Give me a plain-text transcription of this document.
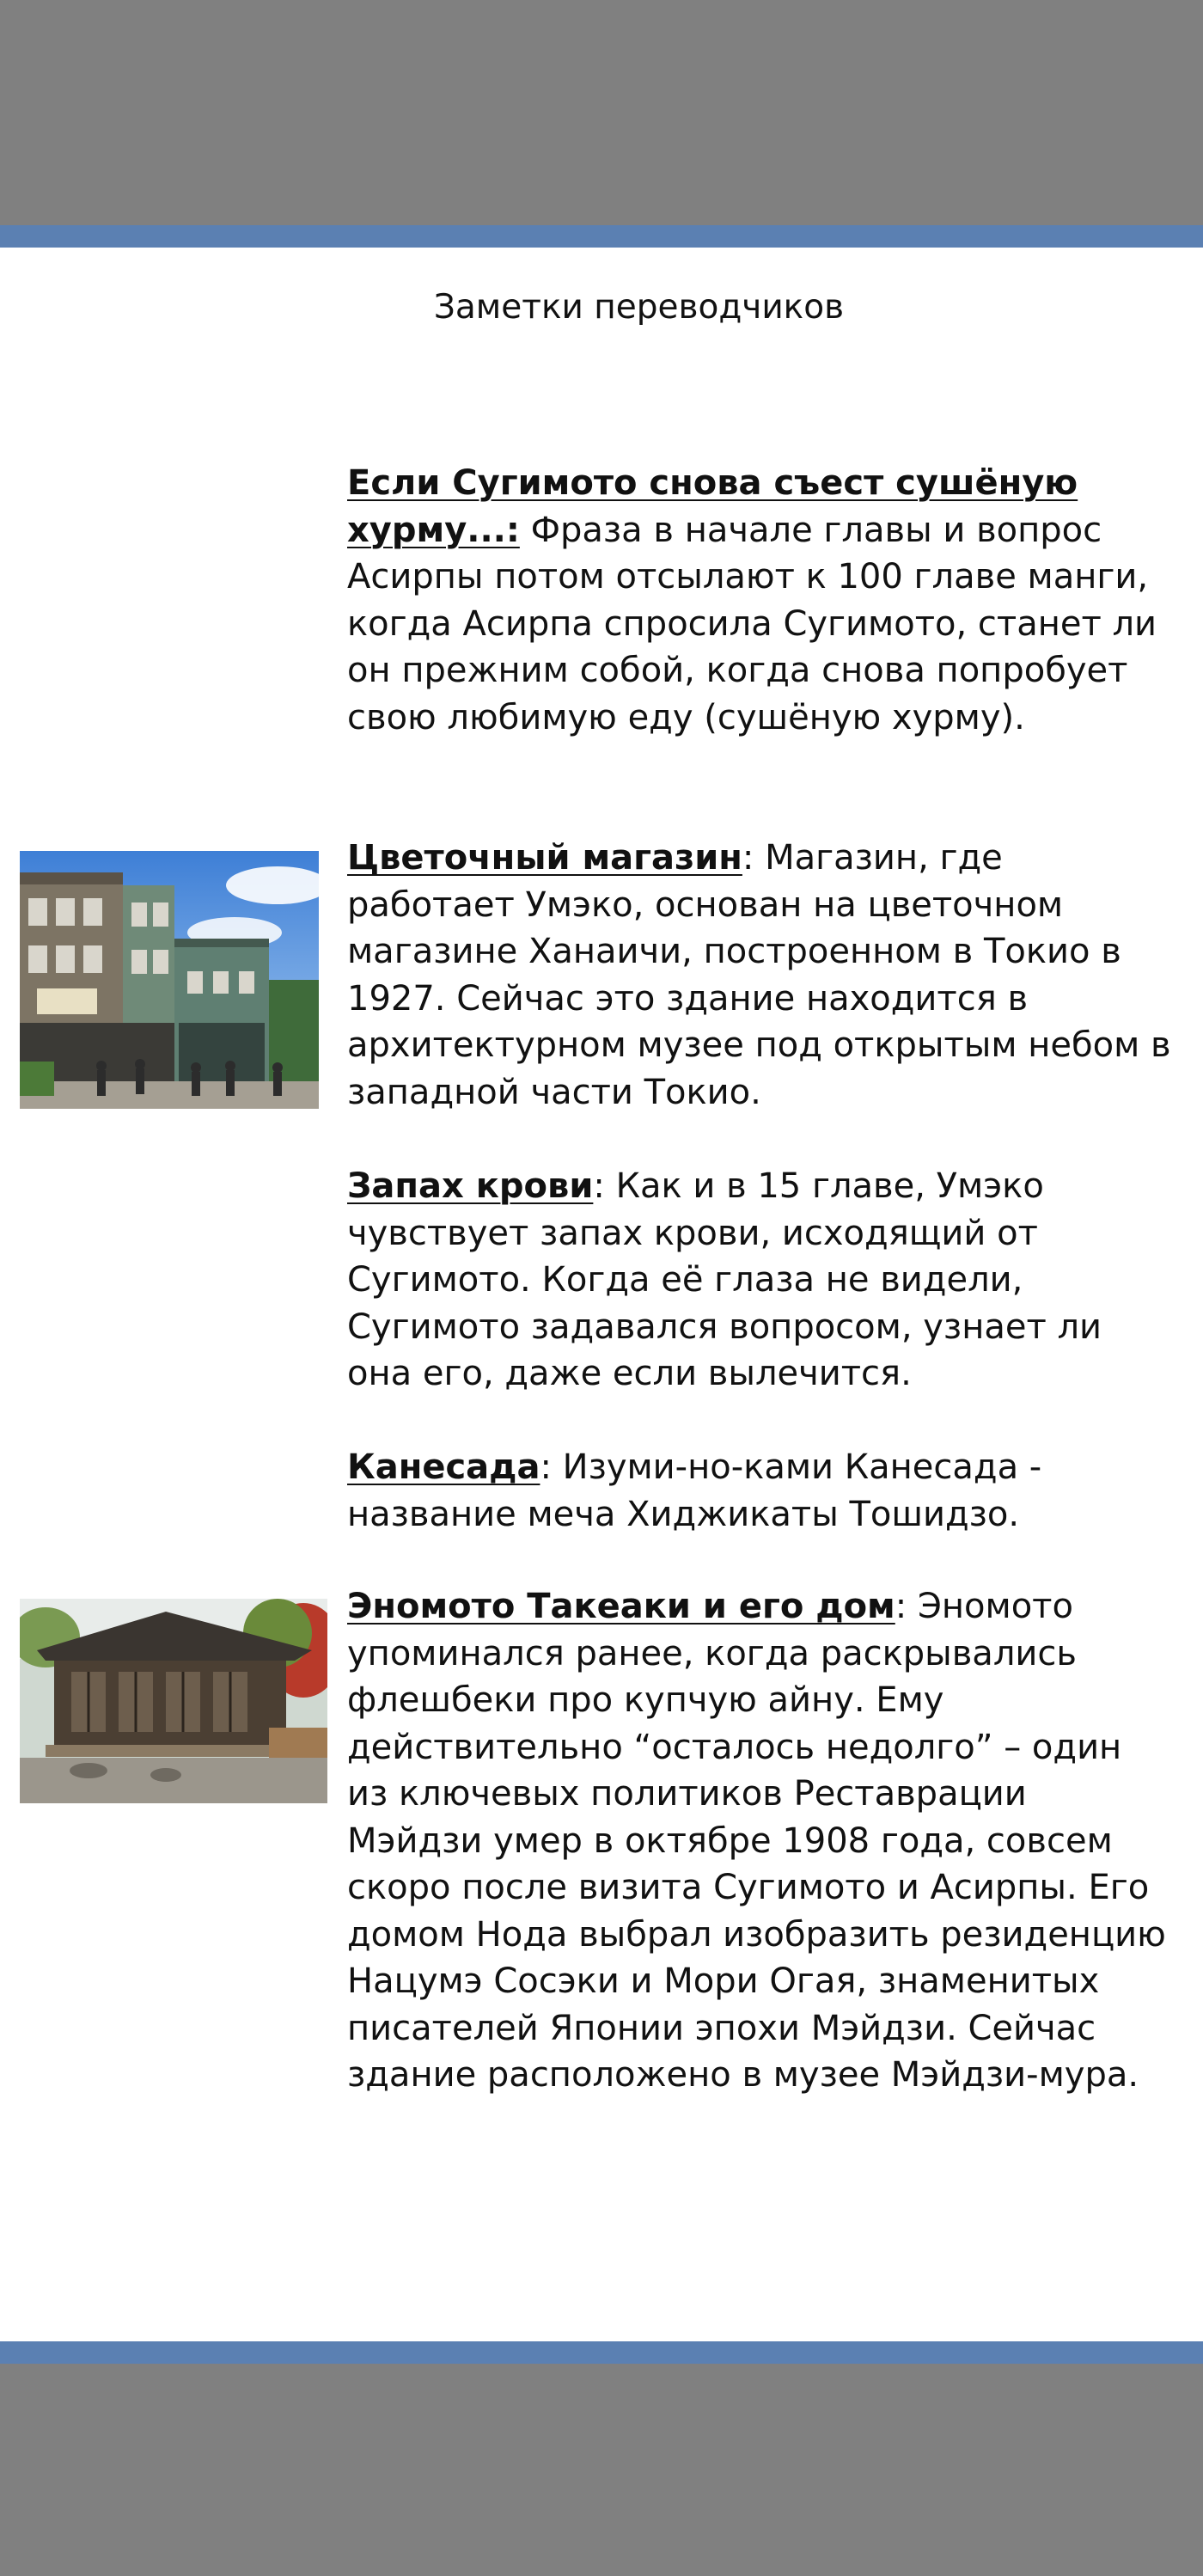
Заметки переводчиков
Если Сугимото снова съест сушёную хурму...: Фраза в начале главы и вопрос Асирпы потом отсылают к 100 главе манги, когда Асирпа спросила Сугимото, станет ли он прежним собой, когда снова попробует свою любимую еду (сушёную хурму).
Цветочный магазин: Магазин, где работает Умэко, основан на цветочном магазине Ханаичи, построенном в Токио в 1927. Сейчас это здание находится в архитектурном музее под открытым небом в западной части Токио.
Запах крови: Как и в 15 главе, Умэко чувствует запах крови, исходящий от Сугимото. Когда её глаза не видели, Сугимото задавался вопросом, узнает ли она его, даже если вылечится.
Канесада: Изуми-но-ками Канесада - название меча Хиджикаты Тошидзо.
Эномото Такеаки и его дом: Эномото упоминался ранее, когда раскрывались флешбеки про купчую айну. Ему действительно “осталось недолго” – один из ключевых политиков Реставрации Мэйдзи умер в октябре 1908 года, совсем скоро после визита Сугимото и Асирпы. Его домом Нода выбрал изобразить резиденцию Нацумэ Сосэки и Мори Огая, знаменитых писателей Японии эпохи Мэйдзи. Сейчас здание расположено в музее Мэйдзи-мура.
